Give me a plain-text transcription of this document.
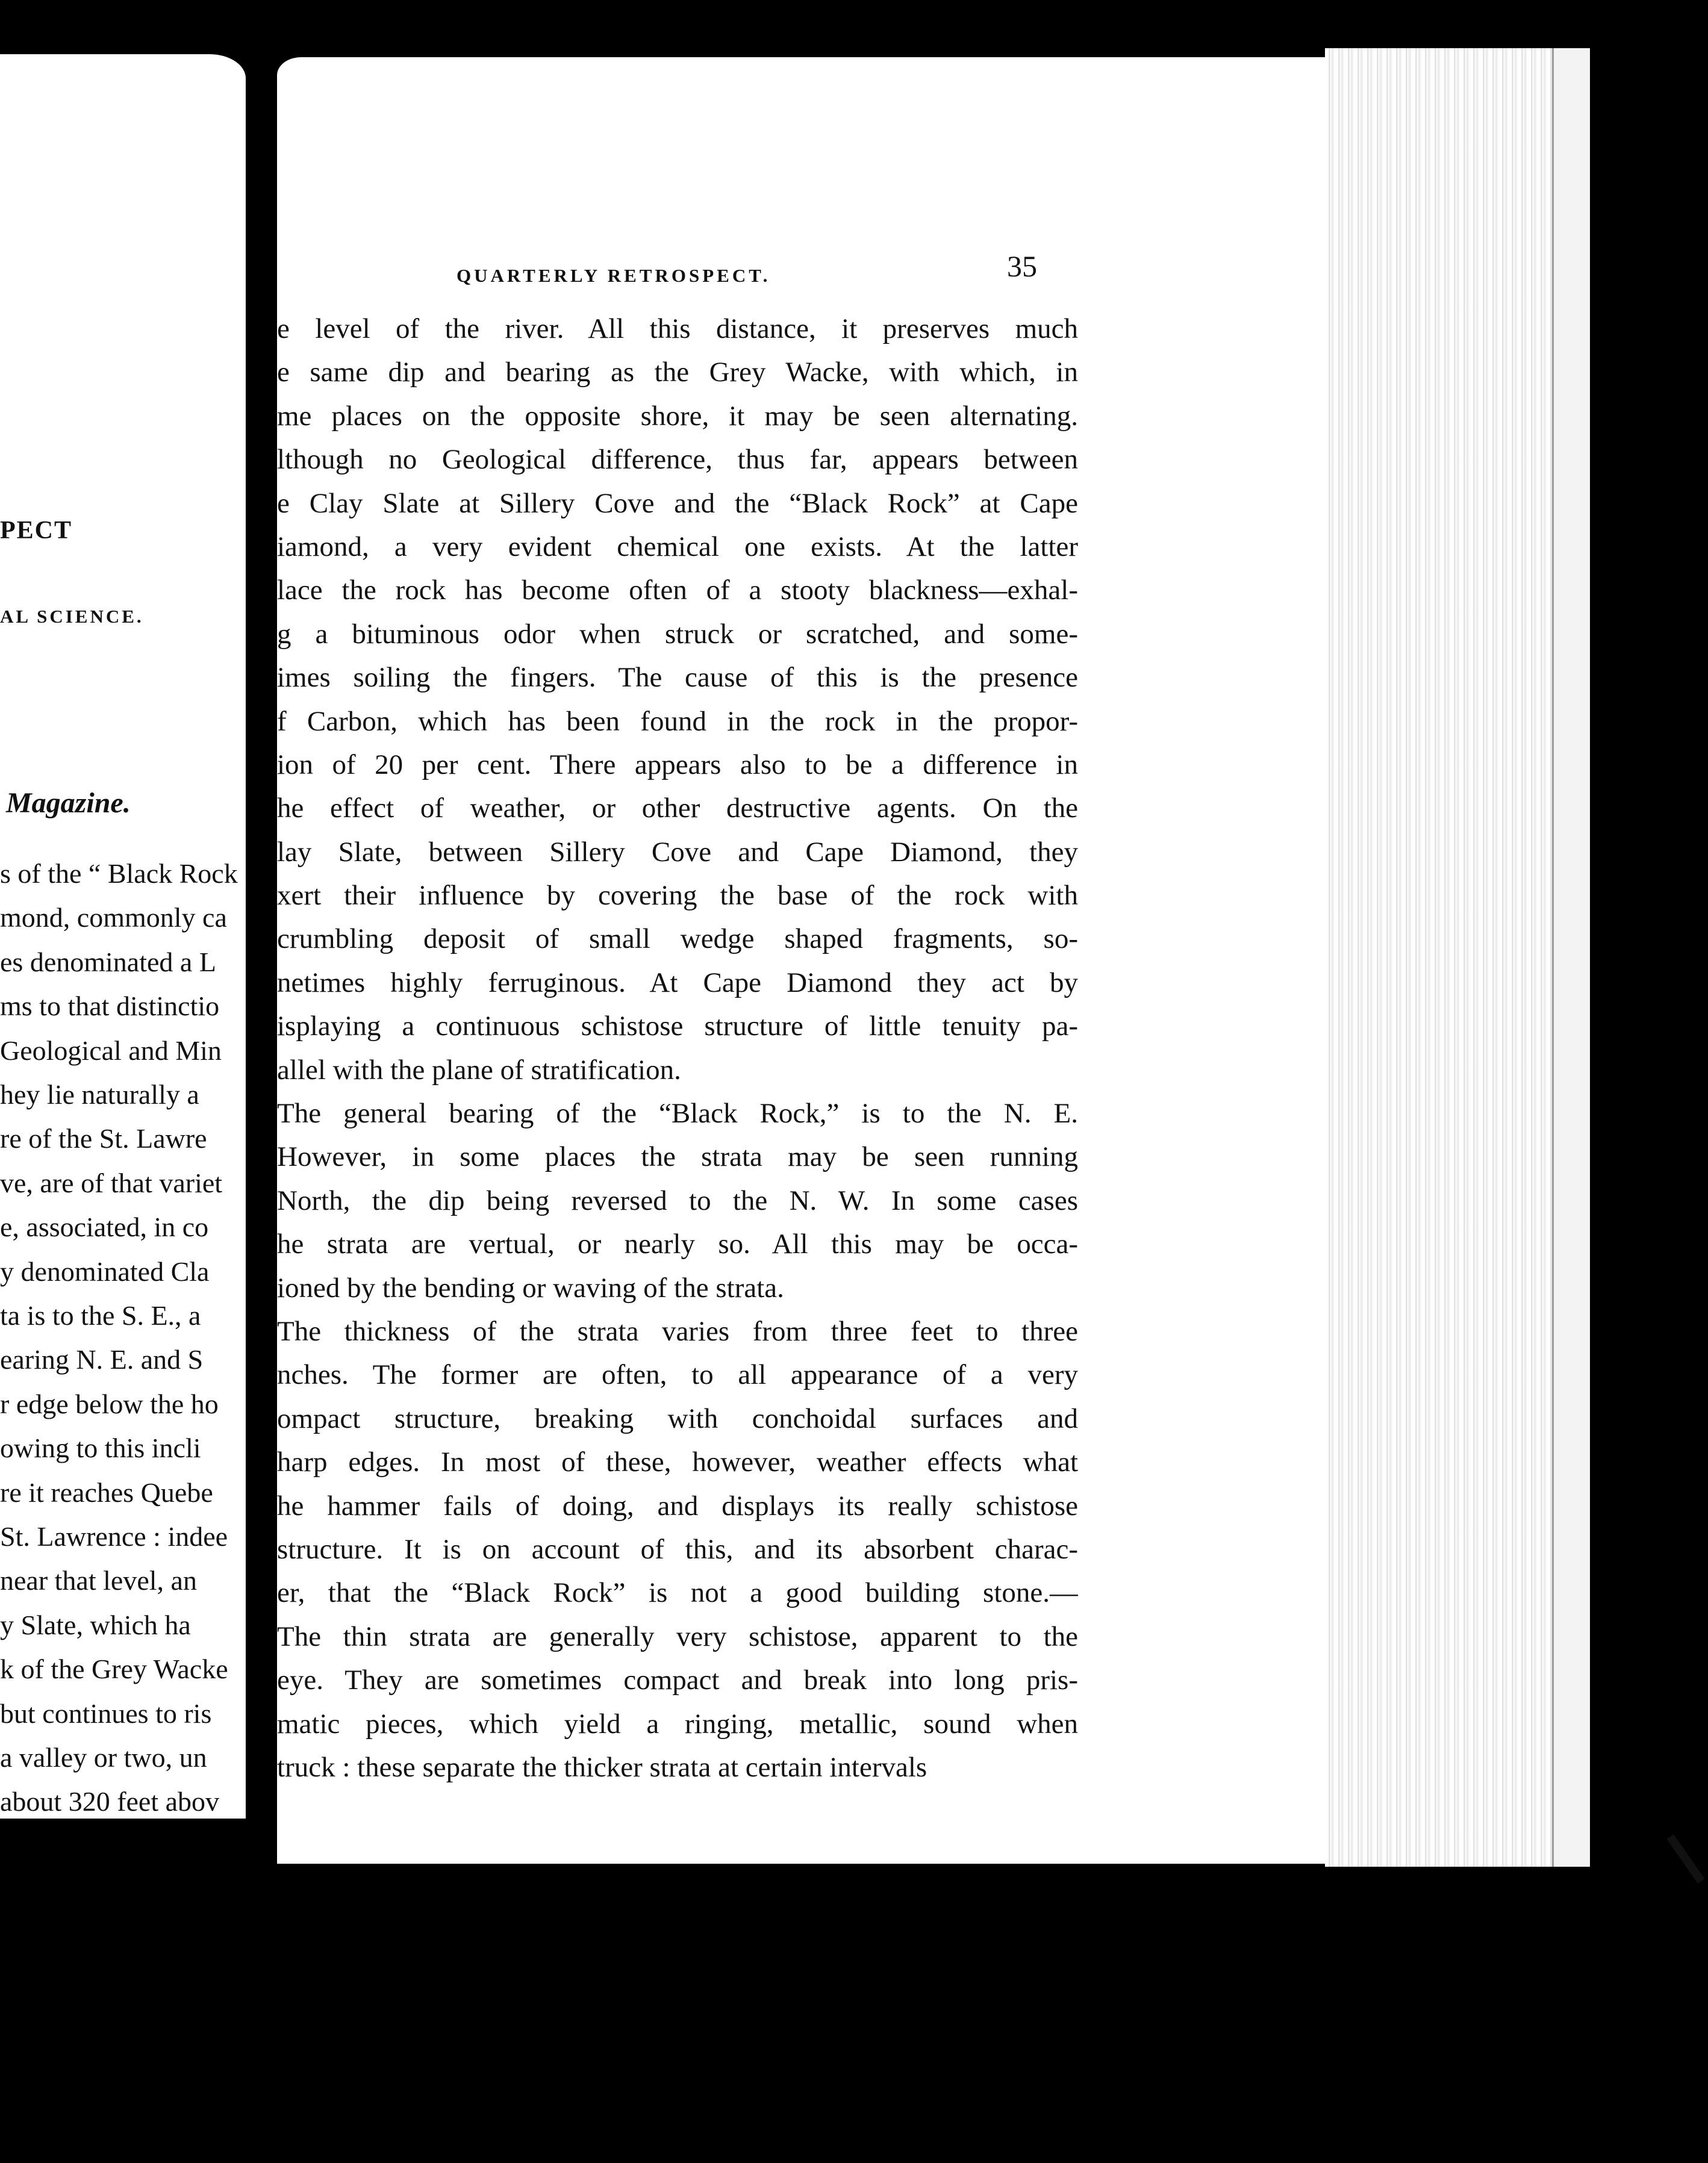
PECT
AL SCIENCE.
Magazine.
s of the “ Black Rock
mond, commonly ca
es denominated a L
ms to that distinctio
Geological and Min
hey lie naturally a
re of the St. Lawre
ve, are of that variet
e, associated, in co
y denominated Cla
ta is to the S. E., a
earing N. E. and S
r edge below the ho
owing to this incli
re it reaches Quebe
St. Lawrence : indee
near that level, an
y Slate, which ha
k of the Grey Wacke
but continues to ris
a valley or two, un
about 320 feet abov
QUARTERLY RETROSPECT.	35
e level of the river. All this distance, it preserves much
e same dip and bearing as the Grey Wacke, with which, in
me places on the opposite shore, it may be seen alternating.
lthough no Geological difference, thus far, appears between
e Clay Slate at Sillery Cove and the “Black Rock” at Cape
iamond, a very evident chemical one exists. At the latter
lace the rock has become often of a stooty blackness—exhal-
g a bituminous odor when struck or scratched, and some-
imes soiling the fingers. The cause of this is the presence
f Carbon, which has been found in the rock in the propor-
ion of 20 per cent. There appears also to be a difference in
he effect of weather, or other destructive agents. On the
lay Slate, between Sillery Cove and Cape Diamond, they
xert their influence by covering the base of the rock with
crumbling deposit of small wedge shaped fragments, so-
netimes highly ferruginous. At Cape Diamond they act by
isplaying a continuous schistose structure of little tenuity pa-
allel with the plane of stratification.
The general bearing of the “Black Rock,” is to the N. E.
However, in some places the strata may be seen running
North, the dip being reversed to the N. W. In some cases
he strata are vertual, or nearly so. All this may be occa-
ioned by the bending or waving of the strata.
The thickness of the strata varies from three feet to three
nches. The former are often, to all appearance of a very
ompact structure, breaking with conchoidal surfaces and
harp edges. In most of these, however, weather effects what
he hammer fails of doing, and displays its really schistose
structure. It is on account of this, and its absorbent charac-
er, that the “Black Rock” is not a good building stone.—
The thin strata are generally very schistose, apparent to the
eye. They are sometimes compact and break into long pris-
matic pieces, which yield a ringing, metallic, sound when
truck : these separate the thicker strata at certain intervals
